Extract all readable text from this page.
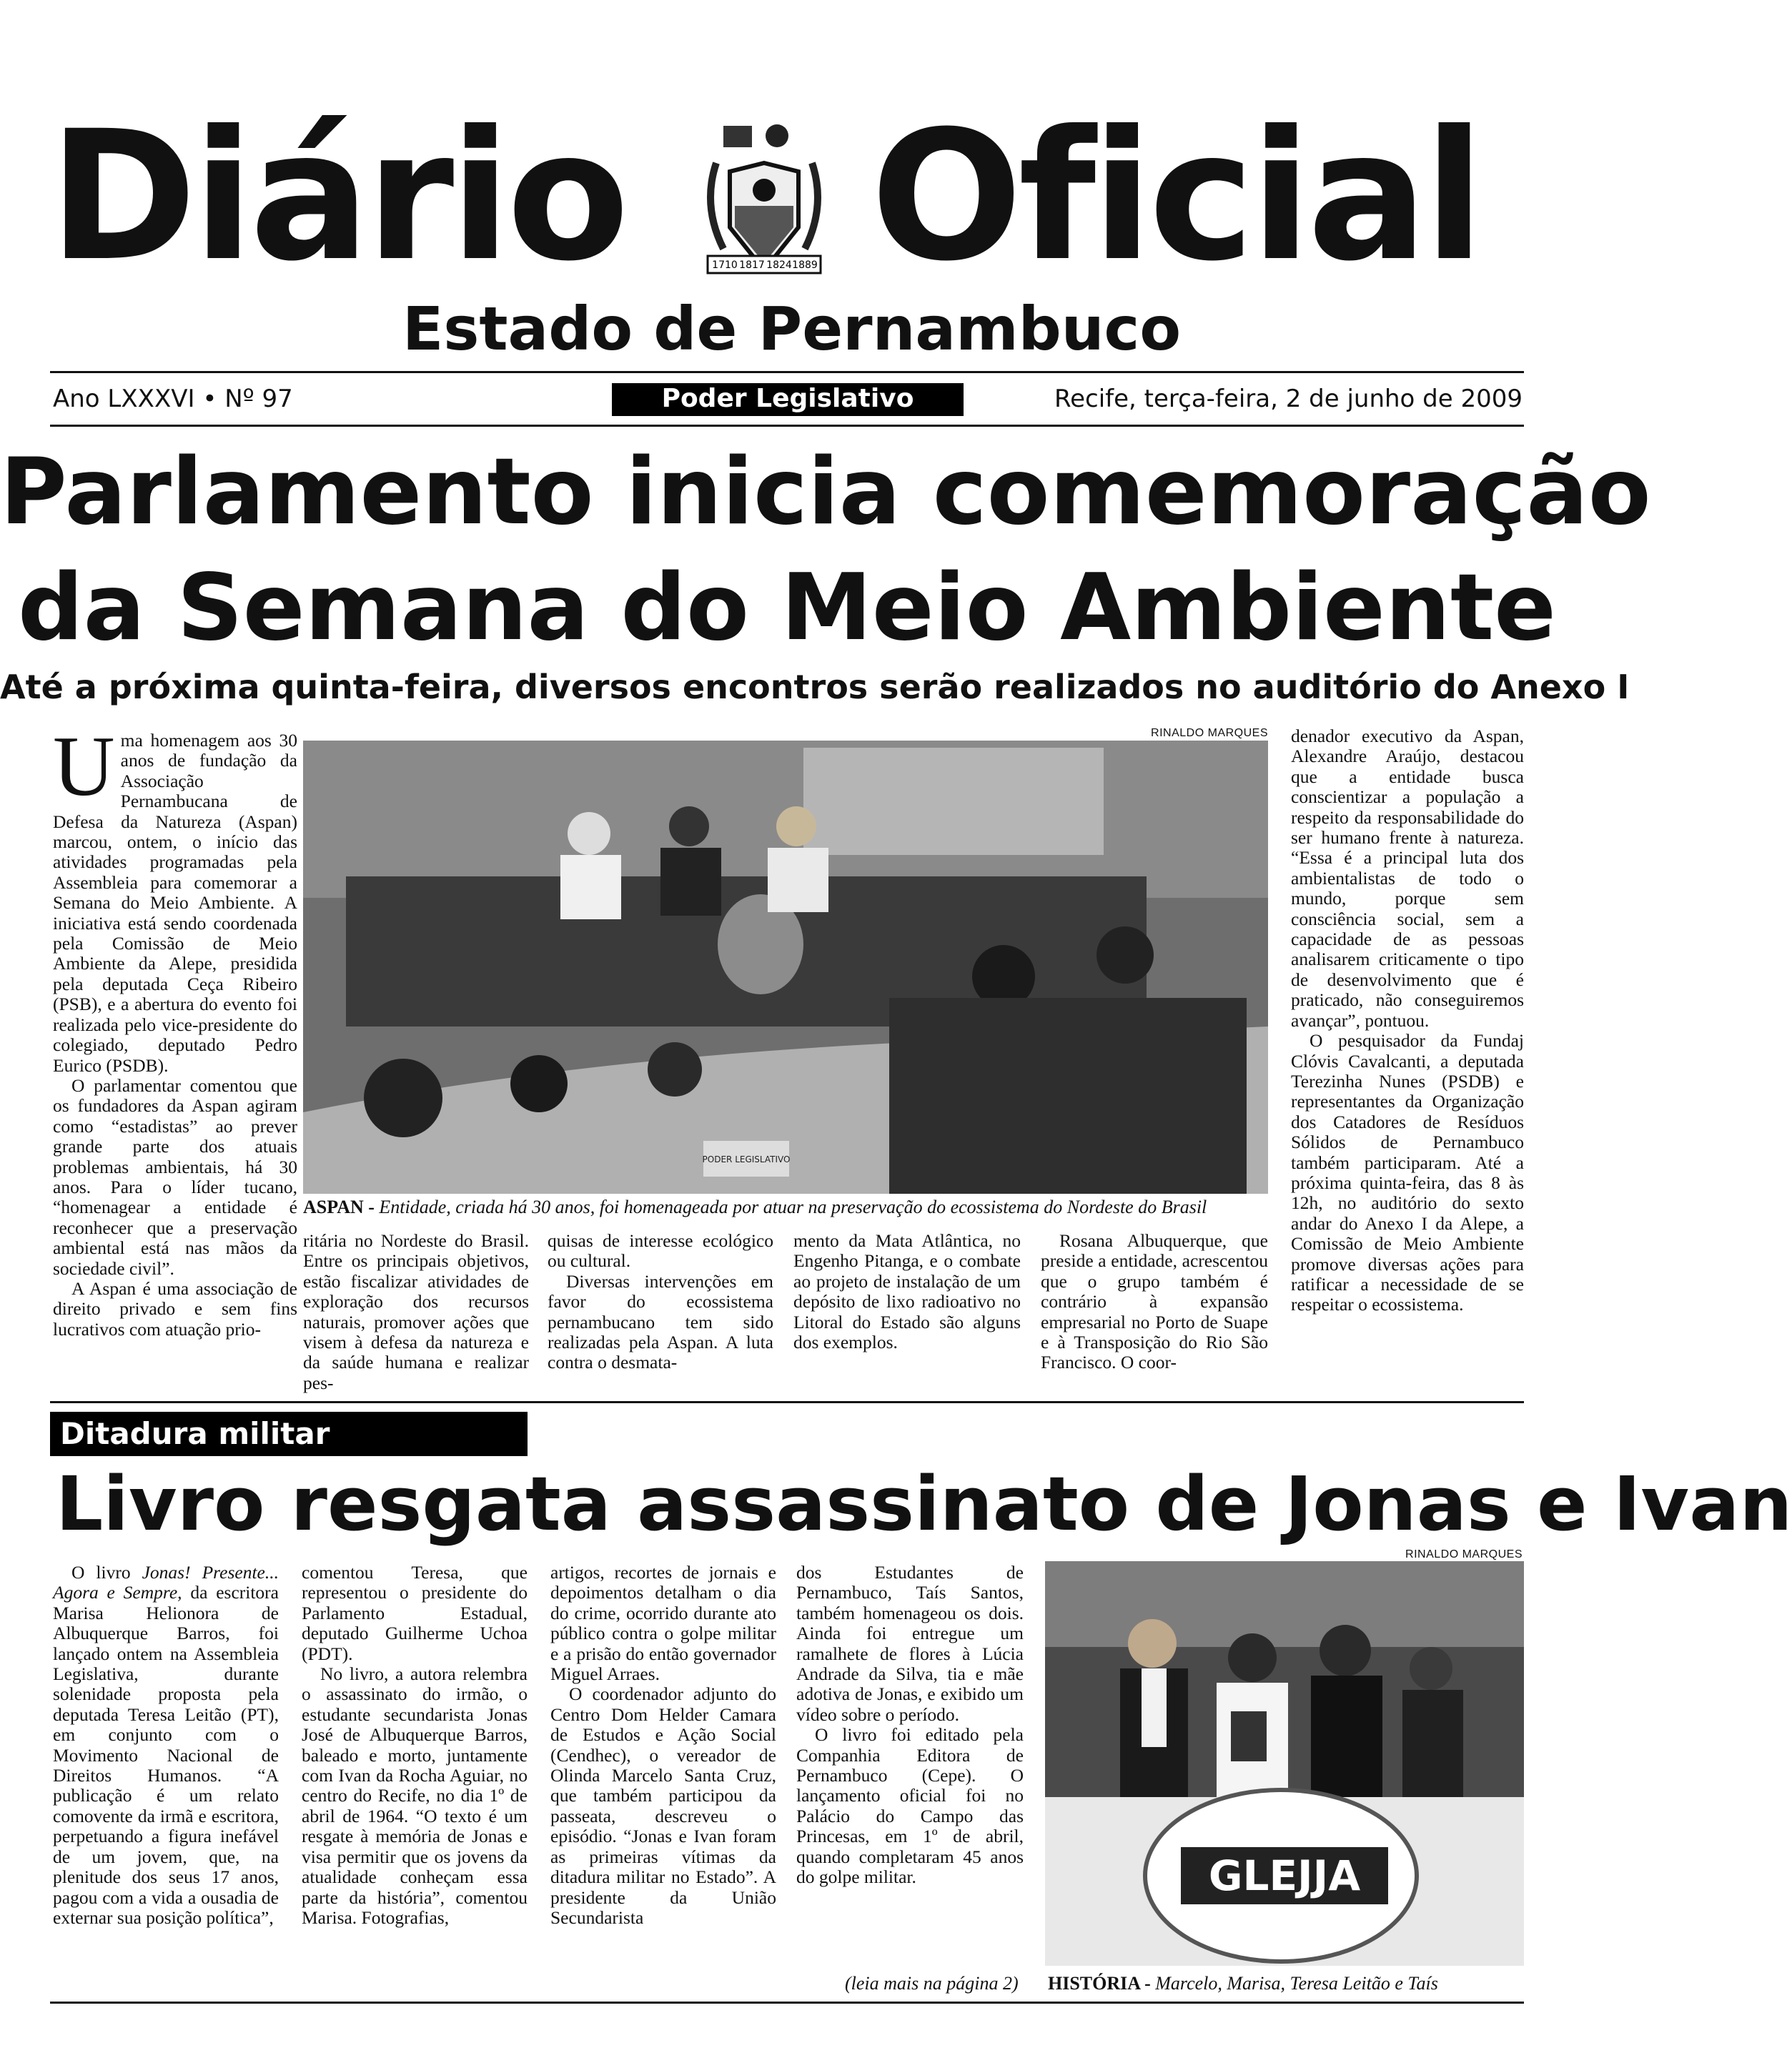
Diário	1710 1817 1824 1889 Oficial
Estado de Pernambuco
Ano LXXXVI • Nº 97	Poder Legislativo	Recife, terça-feira, 2 de junho de 2009
Parlamento inicia comemoração
da Semana do Meio Ambiente
Até a próxima quinta-feira, diversos encontros serão realizados no auditório do Anexo I

Uma homenagem aos 30 anos de fundação da Associação Pernambucana de Defesa da Natureza (Aspan) marcou, ontem, o início das atividades programadas pela Assembleia para comemorar a Semana do Meio Ambiente. A iniciativa está sendo coordenada pela Comissão de Meio Ambiente da Alepe, presidida pela deputada Ceça Ribeiro (PSB), e a abertura do evento foi realizada pelo vice-presidente do colegiado, deputado Pedro Eurico (PSDB).

O parlamentar comentou que os fundadores da Aspan agiram como “estadistas” ao prever grande parte dos atuais problemas ambientais, há 30 anos. Para o líder tucano, “homenagear a entidade é reconhecer que a preservação ambiental está nas mãos da sociedade civil”.

A Aspan é uma associação de direito privado e sem fins lucrativos com atuação prio-

RINALDO MARQUES
PODER LEGISLATIVO
ASPAN - Entidade, criada há 30 anos, foi homenageada por atuar na preservação do ecossistema do Nordeste do Brasil

ritária no Nordeste do Brasil. Entre os principais objetivos, estão fiscalizar atividades de exploração dos recursos naturais, promover ações que visem à defesa da natureza e da saúde humana e realizar pes-

quisas de interesse ecológico ou cultural.

Diversas intervenções em favor do ecossistema pernambucano tem sido realizadas pela Aspan. A luta contra o desmata-

mento da Mata Atlântica, no Engenho Pitanga, e o combate ao projeto de instalação de um depósito de lixo radioativo no Litoral do Estado são alguns dos exemplos.

Rosana Albuquerque, que preside a entidade, acrescentou que o grupo também é contrário à expansão empresarial no Porto de Suape e à Transposição do Rio São Francisco. O coor-

denador executivo da Aspan, Alexandre Araújo, destacou que a entidade busca conscientizar a população a respeito da responsabilidade do ser humano frente à natureza. “Essa é a principal luta dos ambientalistas de todo o mundo, porque sem consciência social, sem a capacidade de as pessoas analisarem criticamente o tipo de desenvolvimento que é praticado, não conseguiremos avançar”, pontuou.

O pesquisador da Fundaj Clóvis Cavalcanti, a deputada Terezinha Nunes (PSDB) e representantes da Organização dos Catadores de Resíduos Sólidos de Pernambuco também participaram. Até a próxima quinta-feira, das 8 às 12h, no auditório do sexto andar do Anexo I da Alepe, a Comissão de Meio Ambiente promove diversas ações para ratificar a necessidade de se respeitar o ecossistema.

Ditadura militar
Livro resgata assassinato de Jonas e Ivan

O livro Jonas! Presente... Agora e Sempre, da escritora Marisa Helionora de Albuquerque Barros, foi lançado ontem na Assembleia Legislativa, durante solenidade proposta pela deputada Teresa Leitão (PT), em conjunto com o Movimento Nacional de Direitos Humanos. “A publicação é um relato comovente da irmã e escritora, perpetuando a figura inefável de um jovem, que, na plenitude dos seus 17 anos, pagou com a vida a ousadia de externar sua posição política”,

comentou Teresa, que representou o presidente do Parlamento Estadual, deputado Guilherme Uchoa (PDT).

No livro, a autora relembra o assassinato do irmão, o estudante secundarista Jonas José de Albuquerque Barros, baleado e morto, juntamente com Ivan da Rocha Aguiar, no centro do Recife, no dia 1º de abril de 1964. “O texto é um resgate à memória de Jonas e visa permitir que os jovens da atualidade conheçam essa parte da história”, comentou Marisa. Fotografias,

artigos, recortes de jornais e depoimentos detalham o dia do crime, ocorrido durante ato público contra o golpe militar e a prisão do então governador Miguel Arraes.

O coordenador adjunto do Centro Dom Helder Camara de Estudos e Ação Social (Cendhec), o vereador de Olinda Marcelo Santa Cruz, que também participou da passeata, descreveu o episódio. “Jonas e Ivan foram as primeiras vítimas da ditadura militar no Estado”. A presidente da União Secundarista

dos Estudantes de Pernambuco, Taís Santos, também homenageou os dois. Ainda foi entregue um ramalhete de flores à Lúcia Andrade da Silva, tia e mãe adotiva de Jonas, e exibido um vídeo sobre o período.

O livro foi editado pela Companhia Editora de Pernambuco (Cepe). O lançamento oficial foi no Palácio do Campo das Princesas, em 1º de abril, quando completaram 45 anos do golpe militar.

(leia mais na página 2)
RINALDO MARQUES
GLEJJA
HISTÓRIA - Marcelo, Marisa, Teresa Leitão e Taís
